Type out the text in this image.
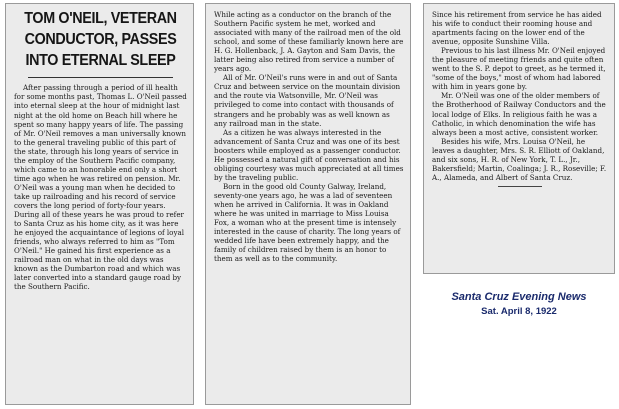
TOM O'NEIL, VETERAN CONDUCTOR, PASSES INTO ETERNAL SLEEP

After passing through a period of ill health for some months past, Thomas L. O'Neil passed into eternal sleep at the hour of midnight last night at the old home on Beach hill where he spent so many happy years of life. The passing of Mr. O'Neil removes a man universally known to the general traveling public of this part of the state, through his long years of service in the employ of the Southern Pacific company, which came to an honorable end only a short time ago when he was retired on pension. Mr. O'Neil was a young man when he decided to take up railroading and his record of service covers the long period of forty-four years. During all of these years he was proud to refer to Santa Cruz as his home city, as it was here he enjoyed the acquaintance of legions of loyal friends, who always referred to him as "Tom O'Neil." He gained his first experience as a railroad man on what in the old days was known as the Dumbarton road and which was later converted into a standard gauge road by the Southern Pacific.

While acting as a conductor on the branch of the Southern Pacific system he met, worked and associated with many of the railroad men of the old school, and some of these familiarly known here are H. G. Hollenback, J. A. Gayton and Sam Davis, the latter being also retired from service a number of years ago.

All of Mr. O'Neil's runs were in and out of Santa Cruz and between service on the mountain division and the route via Watsonville, Mr. O'Neil was privileged to come into contact with thousands of strangers and he probably was as well known as any railroad man in the state.

As a citizen he was always interested in the advancement of Santa Cruz and was one of its best boosters while employed as a passenger conductor. He possessed a natural gift of conversation and his obliging courtesy was much appreciated at all times by the traveling public.

Born in the good old County Galway, Ireland, seventy-one years ago, he was a lad of seventeen when he arrived in California. It was in Oakland where he was united in marriage to Miss Louisa Fox, a woman who at the present time is intensely interested in the cause of charity. The long years of wedded life have been extremely happy, and the family of children raised by them is an honor to them as well as to the community.

Since his retirement from service he has aided his wife to conduct their rooming house and apartments facing on the lower end of the avenue, opposite Sunshine Villa.

Previous to his last illness Mr. O'Neil enjoyed the pleasure of meeting friends and quite often went to the S. P. depot to greet, as he termed it, "some of the boys," most of whom had labored with him in years gone by.

Mr. O'Neil was one of the older members of the Brotherhood of Railway Conductors and the local lodge of Elks. In religious faith he was a Catholic, in which denomination the wife has always been a most active, consistent worker.

Besides his wife, Mrs. Louisa O'Neil, he leaves a daughter, Mrs. S. R. Elliott of Oakland, and six sons, H. R. of New York, T. L., Jr., Bakersfield; Martin, Coalinga; J. R., Roseville; F. A., Alameda, and Albert of Santa Cruz.

Santa Cruz Evening News
Sat. April 8, 1922
